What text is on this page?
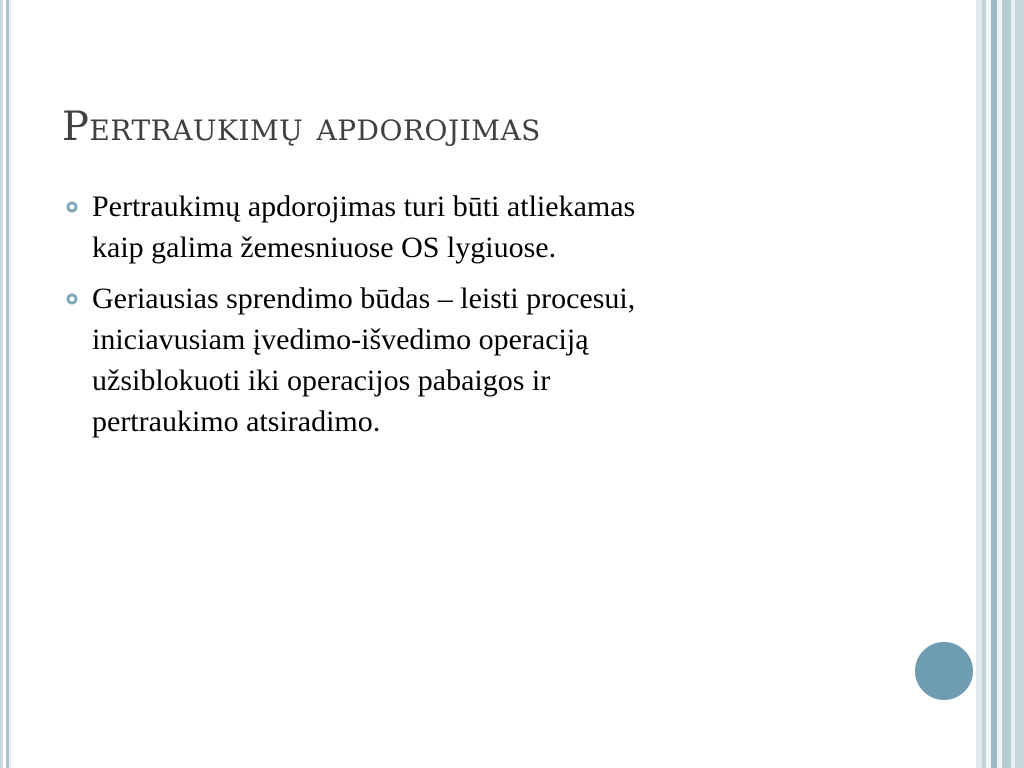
Pertraukimų apdorojimas
Pertraukimų apdorojimas turi būti atliekamas
kaip galima žemesniuose OS lygiuose.
Geriausias sprendimo būdas – leisti procesui,
iniciavusiam įvedimo-išvedimo operaciją
užsiblokuoti iki operacijos pabaigos ir
pertraukimo atsiradimo.
